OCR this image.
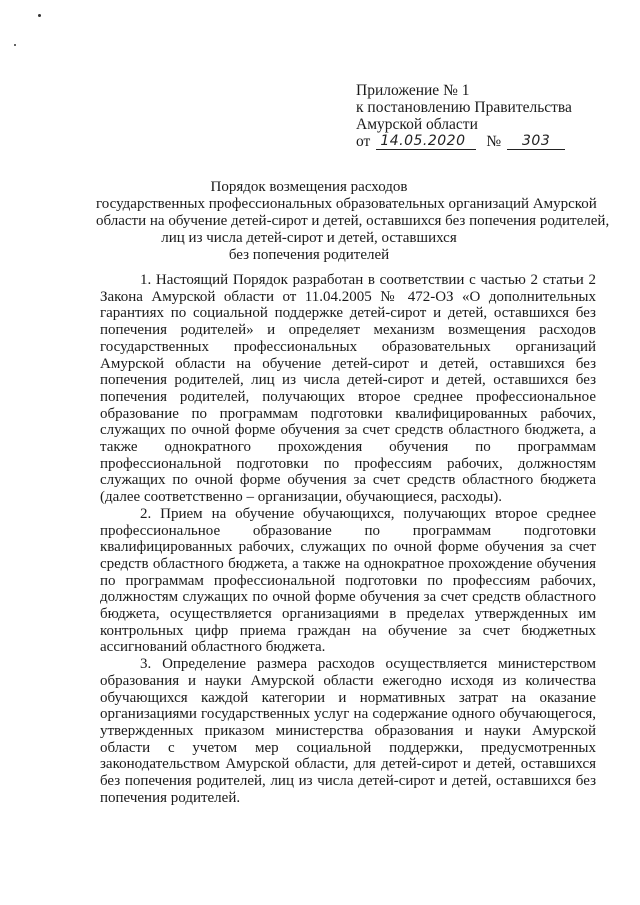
Приложение № 1
к постановлению Правительства
Амурской области
от 14.05.2020	№	303
Порядок возмещения расходов
государственных профессиональных образовательных организаций Амурской
области на обучение детей-сирот и детей, оставшихся без попечения родителей,
лиц из числа детей-сирот и детей, оставшихся
без попечения родителей

1. Настоящий Порядок разработан в соответствии с частью 2 статьи 2 Закона Амурской области от 11.04.2005 № 472-ОЗ «О дополнительных гарантиях по социальной поддержке детей-сирот и детей, оставшихся без попечения родителей» и определяет механизм возмещения расходов государственных профессиональных образовательных организаций Амурской области на обучение детей-сирот и детей, оставшихся без попечения родителей, лиц из числа детей-сирот и детей, оставшихся без попечения родителей, получающих второе среднее профессиональное образование по программам подготовки квалифицированных рабочих, служащих по очной форме обучения за счет средств областного бюджета, а также однократного прохождения обучения по программам профессиональной подготовки по профессиям рабочих, должностям служащих по очной форме обучения за счет средств областного бюджета (далее соответственно – организации, обучающиеся, расходы).

2. Прием на обучение обучающихся, получающих второе среднее профессиональное образование по программам подготовки квалифицированных рабочих, служащих по очной форме обучения за счет средств областного бюджета, а также на однократное прохождение обучения по программам профессиональной подготовки по профессиям рабочих, должностям служащих по очной форме обучения за счет средств областного бюджета, осуществляется организациями в пределах утвержденных им контрольных цифр приема граждан на обучение за счет бюджетных ассигнований областного бюджета.

3. Определение размера расходов осуществляется министерством образования и науки Амурской области ежегодно исходя из количества обучающихся каждой категории и нормативных затрат на оказание организациями государственных услуг на содержание одного обучающегося, утвержденных приказом министерства образования и науки Амурской области с учетом мер социальной поддержки, предусмотренных законодательством Амурской области, для детей-сирот и детей, оставшихся без попечения родителей, лиц из числа детей-сирот и детей, оставшихся без попечения родителей.
